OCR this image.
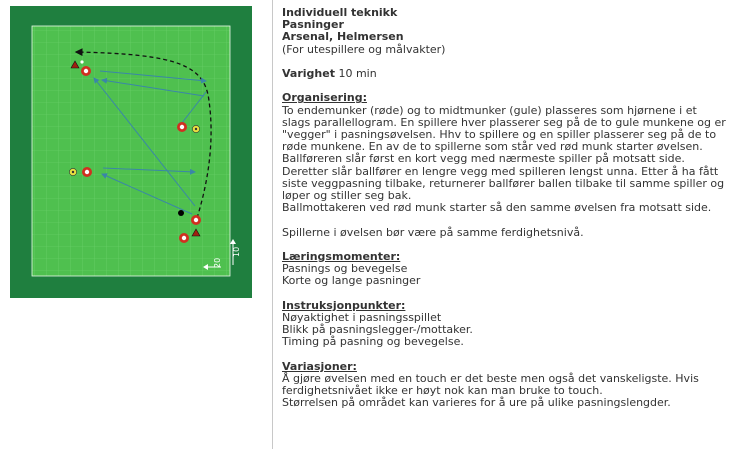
20
10
Individuell teknikk
Pasninger
Arsenal, Helmersen
(For utespillere og målvakter)
Varighet 10 min
Organisering:
To endemunker (røde) og to midtmunker (gule) plasseres som hjørnene i et
slags parallellogram. En spillere hver plasserer seg på de to gule munkene og er
"vegger" i pasningsøvelsen. Hhv to spillere og en spiller plasserer seg på de to
røde munkene. En av de to spillerne som står ved rød munk starter øvelsen.
Ballføreren slår først en kort vegg med nærmeste spiller på motsatt side.
Deretter slår ballfører en lengre vegg med spilleren lengst unna. Etter å ha fått
siste veggpasning tilbake, returnerer ballfører ballen tilbake til samme spiller og
løper og stiller seg bak.
Ballmottakeren ved rød munk starter så den samme øvelsen fra motsatt side.
Spillerne i øvelsen bør være på samme ferdighetsnivå.
Læringsmomenter:
Pasnings og bevegelse
Korte og lange pasninger
Instruksjonpunkter:
Nøyaktighet i pasningsspillet
Blikk på pasningslegger-/mottaker.
Timing på pasning og bevegelse.
Variasjoner:
Å gjøre øvelsen med en touch er det beste men også det vanskeligste. Hvis
ferdighetsnivået ikke er høyt nok kan man bruke to touch.
Størrelsen på området kan varieres for å ure på ulike pasningslengder.
